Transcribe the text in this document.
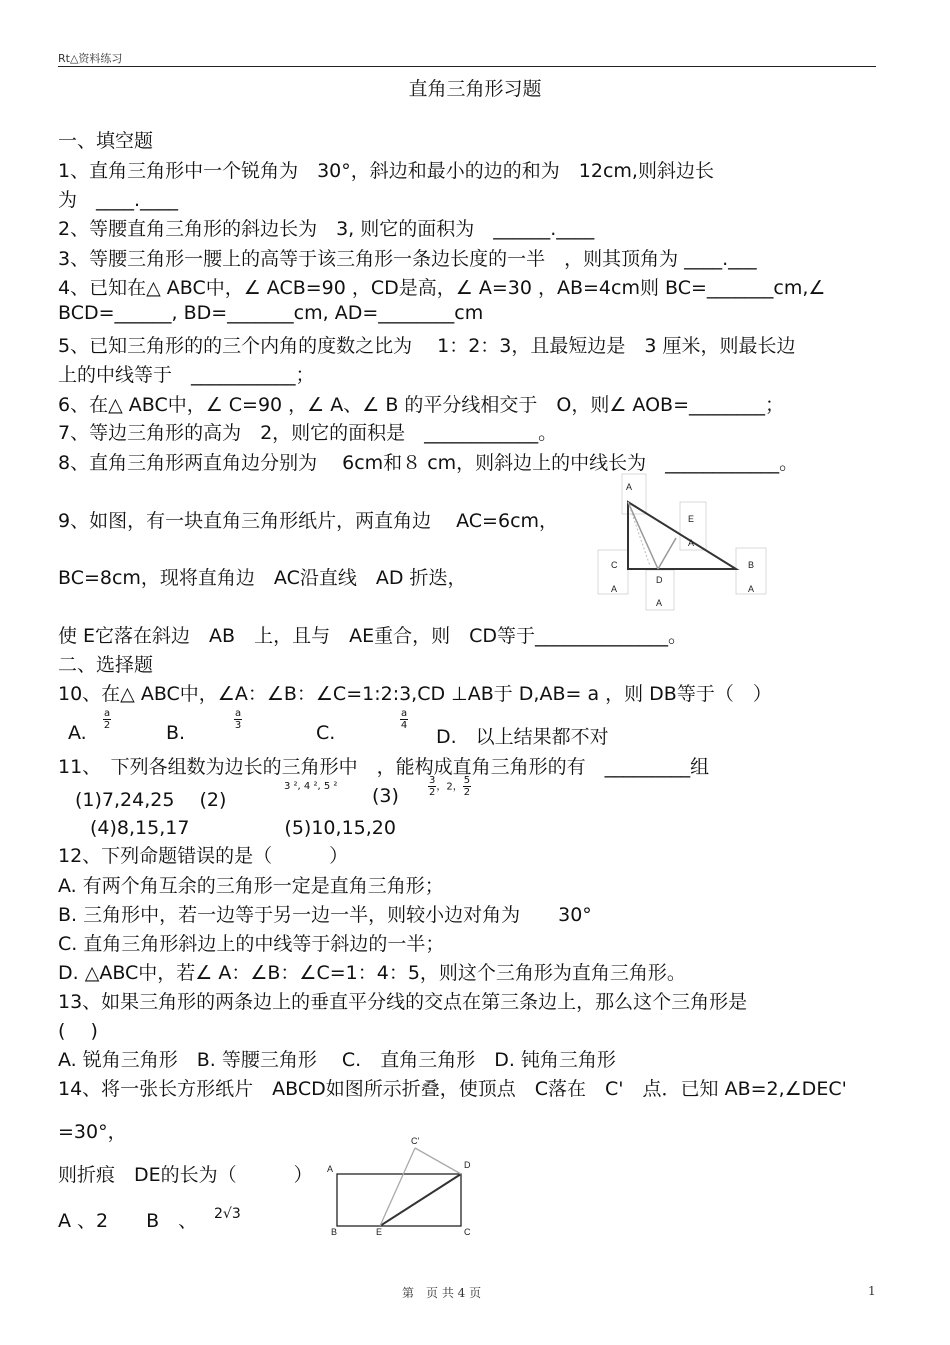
Rt△资料练习
直角三角形习题
一、填空题
1、直角三角形中一个锐角为　30°，斜边和最小的边的和为　12cm,则斜边长
为　____.____
2、等腰直角三角形的斜边长为　3, 则它的面积为　______.____
3、等腰三角形一腰上的高等于该三角形一条边长度的一半　，则其顶角为 ____.___
4、已知在△ ABC中，∠ ACB=90 ，CD是高，∠ A=30 ，AB=4cm则 BC=_______cm,∠
BCD=______, BD=_______cm, AD=________cm
5、已知三角形的的三个内角的度数之比为　 1：2：3，且最短边是　3 厘米，则最长边
上的中线等于　___________；
6、在△ ABC中，∠ C=90 ，∠ A、∠ B 的平分线相交于　O，则∠ AOB=________；
7、等边三角形的高为　2，则它的面积是　____________。
8、直角三角形两直角边分别为　 6cm和８ cm，则斜边上的中线长为　____________。
9、如图，有一块直角三角形纸片，两直角边　 AC=6cm，
BC=8cm，现将直角边　AC沿直线　AD 折迭，
使 E它落在斜边　AB　上，且与　AE重合，则　CD等于______________。
A
E
A
C
A
D
A
B
A
二、选择题
10、在△ ABC中，∠A：∠B：∠C=1:2:3,CD ⊥AB于 D,AB= a ，则 DB等于（　）
A.
$\frac{a}{2}$
B.
$\frac{a}{3}$
C.
$\frac{a}{4}$
D.　以上结果都不对
11、　下列各组数为边长的三角形中　，能构成直角三角形的有　_________组
(1)7,24,25　 (2)
3 ², 4 ², 5 ² (3)	$\frac{3}{2}$ ，2， $\frac{5}{2}$
(4)8,15,17　　　　　(5)10,15,20
12、下列命题错误的是（　　　）
A. 有两个角互余的三角形一定是直角三角形；
B. 三角形中，若一边等于另一边一半，则较小边对角为　　30°
C. 直角三角形斜边上的中线等于斜边的一半；
D. △ABC中，若∠ A：∠B：∠C=1：4：5，则这个三角形为直角三角形。
13、如果三角形的两条边上的垂直平分线的交点在第三条边上，那么这个三角形是
(　 )
A. 锐角三角形　B. 等腰三角形　 C.　直角三角形　D. 钝角三角形
14、将一张长方形纸片　ABCD如图所示折叠，使顶点　C落在　C'　点．已知 AB=2,∠DEC'
=30°，
则折痕　DE的长为（　　　）
A 、2　　B　、 2√3
C'
A	D
B	E	C
第　页 共 4 页	1
